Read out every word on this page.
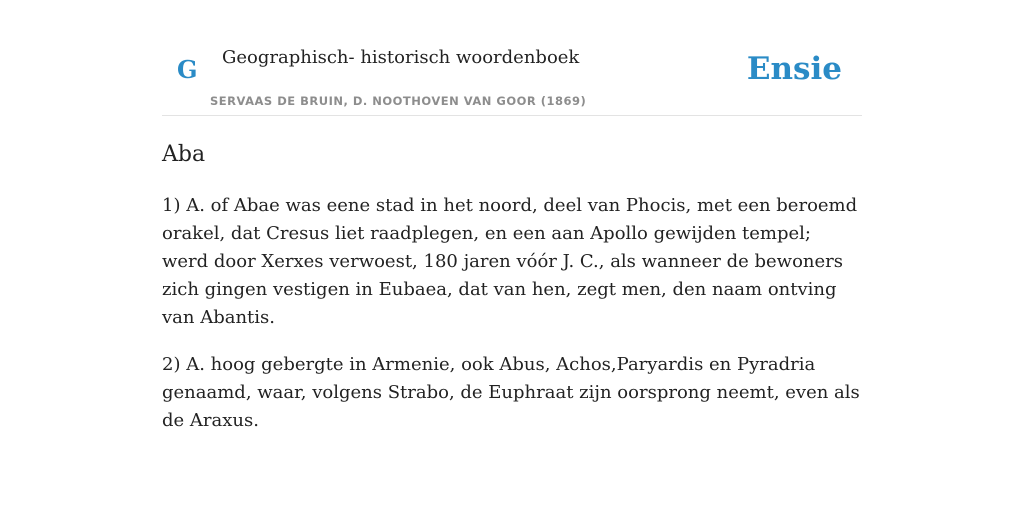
G Geographisch- historisch woordenboek
SERVAAS DE BRUIN, D. NOOTHOVEN VAN GOOR (1869)
Ensie
Aba

1) A. of Abae was eene stad in het noord, deel van Phocis, met een beroemd orakel, dat Cresus liet raadplegen, en een aan Apollo gewijden tempel; werd door Xerxes verwoest, 180 jaren vóór J. C., als wanneer de bewoners zich gingen vestigen in Eubaea, dat van hen, zegt men, den naam ontving van Abantis.

2) A. hoog gebergte in Armenie, ook Abus, Achos,Paryardis en Pyradria genaamd, waar, volgens Strabo, de Euphraat zijn oorsprong neemt, even als de Araxus.
